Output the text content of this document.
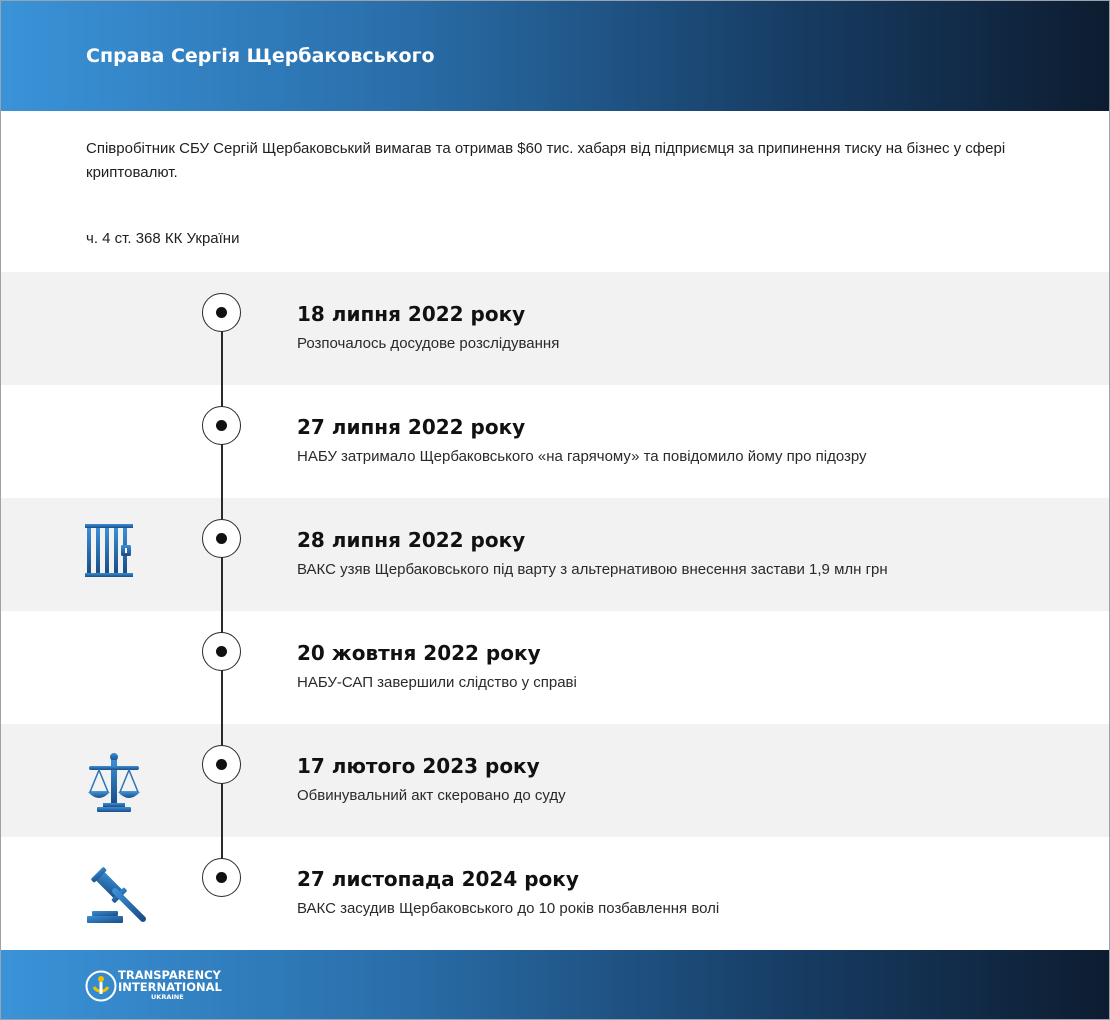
Справа Сергія Щербаковського
Співробітник СБУ Сергій Щербаковський вимагав та отримав $60 тис. хабаря від підприємця за припинення тиску на бізнес у сфері криптовалют.
ч. 4 ст. 368 КК України
18 липня 2022 року
Розпочалось досудове розслідування
27 липня 2022 року
НАБУ затримало Щербаковського «на гарячому» та повідомило йому про підозру
28 липня 2022 року
ВАКС узяв Щербаковського під варту з альтернативою внесення застави 1,9 млн грн
20 жовтня 2022 року
НАБУ-САП завершили слідство у справі
17 лютого 2023 року
Обвинувальний акт скеровано до суду
27 листопада 2024 року
ВАКС засудив Щербаковського до 10 років позбавлення волі
TRANSPARENCY
INTERNATIONAL
UKRAINE
